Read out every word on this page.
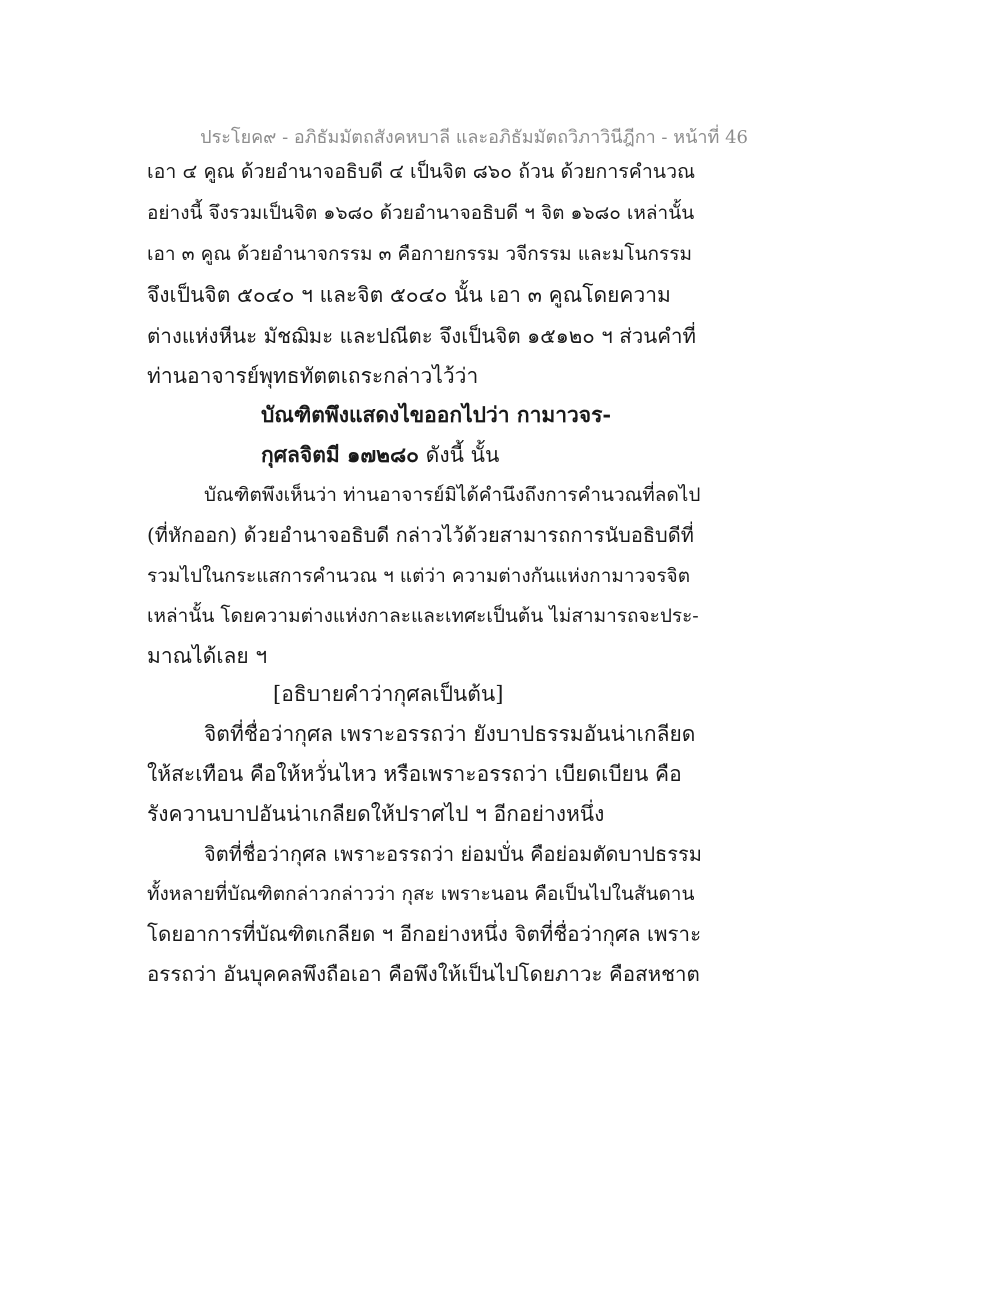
ประโยค๙ - อภิธัมมัตถสังคหบาลี และอภิธัมมัตถวิภาวินีฎีกา - หน้าที่ 46
เอา ๔ คูณ ด้วยอำนาจอธิบดี ๔ เป็นจิต ๘๖๐ ถ้วน ด้วยการคำนวณ
อย่างนี้ จึงรวมเป็นจิต ๑๖๘๐ ด้วยอำนาจอธิบดี ฯ จิต ๑๖๘๐ เหล่านั้น
เอา ๓ คูณ ด้วยอำนาจกรรม ๓ คือกายกรรม วจีกรรม และมโนกรรม
จึงเป็นจิต ๕๐๔๐ ฯ และจิต ๕๐๔๐ นั้น เอา ๓ คูณโดยความ
ต่างแห่งหีนะ มัชฌิมะ และปณีตะ จึงเป็นจิต ๑๕๑๒๐ ฯ ส่วนคำที่
ท่านอาจารย์พุทธทัตตเถระกล่าวไว้ว่า
บัณฑิตพึงแสดงไขออกไปว่า กามาวจร-
กุศลจิตมี ๑๗๒๘๐ ดังนี้ นั้น
บัณฑิตพึงเห็นว่า ท่านอาจารย์มิได้คำนึงถึงการคำนวณที่ลดไป
(ที่หักออก) ด้วยอำนาจอธิบดี กล่าวไว้ด้วยสามารถการนับอธิบดีที่
รวมไปในกระแสการคำนวณ ฯ แต่ว่า ความต่างกันแห่งกามาวจรจิต
เหล่านั้น โดยความต่างแห่งกาละและเทศะเป็นต้น ไม่สามารถจะประ-
มาณได้เลย ฯ
[อธิบายคำว่ากุศลเป็นต้น]
จิตที่ชื่อว่ากุศล เพราะอรรถว่า ยังบาปธรรมอันน่าเกลียด
ให้สะเทือน คือให้หวั่นไหว หรือเพราะอรรถว่า เบียดเบียน คือ
รังควานบาปอันน่าเกลียดให้ปราศไป ฯ อีกอย่างหนึ่ง
จิตที่ชื่อว่ากุศล เพราะอรรถว่า ย่อมบั่น คือย่อมตัดบาปธรรม
ทั้งหลายที่บัณฑิตกล่าวกล่าวว่า กุสะ เพราะนอน คือเป็นไปในสันดาน
โดยอาการที่บัณฑิตเกลียด ฯ อีกอย่างหนึ่ง จิตที่ชื่อว่ากุศล เพราะ
อรรถว่า อันบุคคลพึงถือเอา คือพึงให้เป็นไปโดยภาวะ คือสหชาต
